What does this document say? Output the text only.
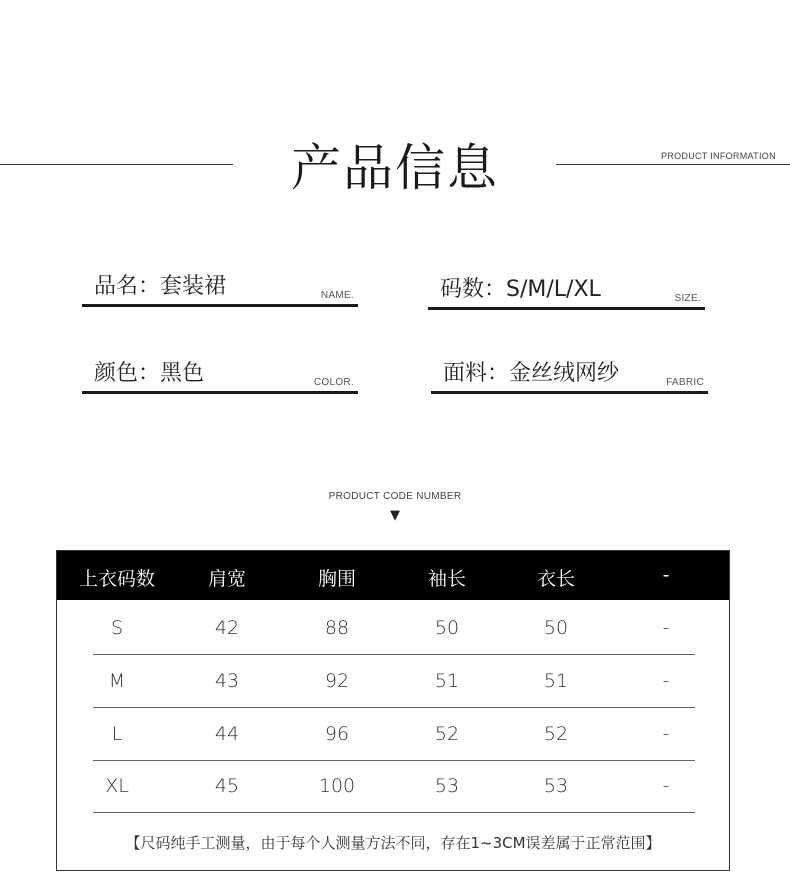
产品信息	PRODUCT INFORMATION
品名：套装裙	NAME.	码数：S/M/L/XL	SIZE.
颜色：黑色	COLOR.	面料：金丝绒网纱	FABRIC
PRODUCT CODE NUMBER
▼
上衣码数	肩宽	胸围	袖长	衣长	-
S	42	88	50	50	-
M	43	92	51	51	-
L	44	96	52	52	-
XL	45	100	53	53	-
【尺码纯手工测量，由于每个人测量方法不同，存在1~3CM误差属于正常范围】
